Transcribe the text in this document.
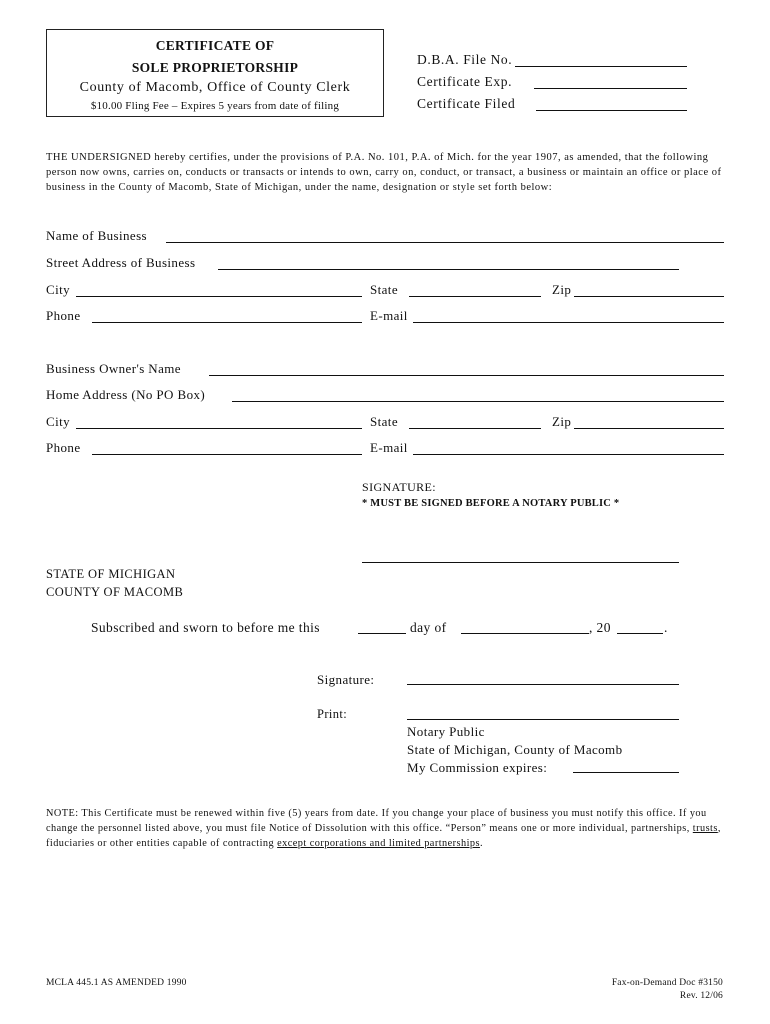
CERTIFICATE OF
SOLE PROPRIETORSHIP
County of Macomb, Office of County Clerk
$10.00 Fling Fee – Expires 5 years from date of filing
D.B.A. File No.
Certificate Exp.
Certificate Filed
THE UNDERSIGNED hereby certifies, under the provisions of P.A. No. 101, P.A. of Mich. for the year 1907, as amended, that the following person now owns, carries on, conducts or transacts or intends to own, carry on, conduct, or transact, a business or maintain an office or place of business in the County of Macomb, State of Michigan, under the name, designation or style set forth below:
Name of Business
Street Address of Business
City	State	Zip
Phone	E-mail
Business Owner's Name
Home Address (No PO Box)
City	State	Zip
Phone	E-mail
SIGNATURE:
* MUST BE SIGNED BEFORE A NOTARY PUBLIC *
STATE OF MICHIGAN
COUNTY OF MACOMB
Subscribed and sworn to before me this	day of	, 20	.
Signature:
Print:
Notary Public
State of Michigan, County of Macomb
My Commission expires:
NOTE: This Certificate must be renewed within five (5) years from date. If you change your place of business you must notify this office. If you change the personnel listed above, you must file Notice of Dissolution with this office. “Person” means one or more individual, partnerships, trusts, fiduciaries or other entities capable of contracting except corporations and limited partnerships.
MCLA 445.1 AS AMENDED 1990	Fax-on-Demand Doc #3150
Rev. 12/06
